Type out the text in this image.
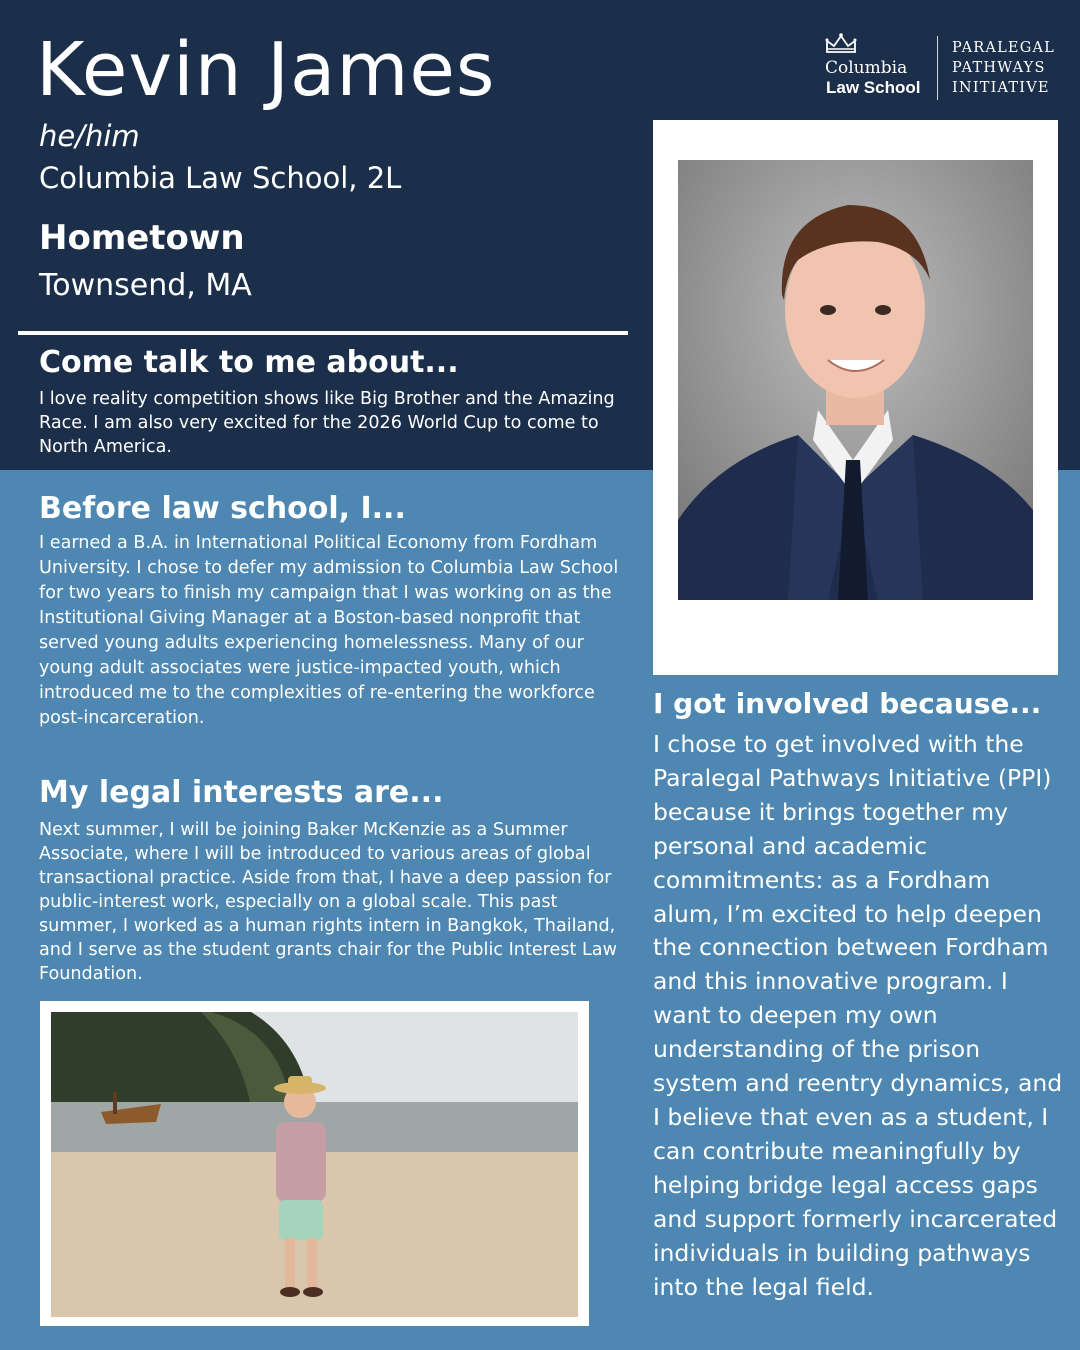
Kevin James
he/him
Columbia Law School, 2L
Hometown
Townsend, MA
Come talk to me about...
I love reality competition shows like Big Brother and the Amazing Race. I am also very excited for the 2026 World Cup to come to North America.
Before law school, I...
I earned a B.A. in International Political Economy from Fordham University. I chose to defer my admission to Columbia Law School for two years to finish my campaign that I was working on as the Institutional Giving Manager at a Boston-based nonprofit that served young adults experiencing homelessness. Many of our young adult associates were justice-impacted youth, which introduced me to the complexities of re-entering the workforce post-incarceration.
My legal interests are...
Next summer, I will be joining Baker McKenzie as a Summer Associate, where I will be introduced to various areas of global transactional practice. Aside from that, I have a deep passion for public-interest work, especially on a global scale. This past summer, I worked as a human rights intern in Bangkok, Thailand, and I serve as the student grants chair for the Public Interest Law Foundation.
Columbia
Law School
PARALEGAL
PATHWAYS
INITIATIVE
I got involved because...
I chose to get involved with the Paralegal Pathways Initiative (PPI) because it brings together my personal and academic commitments: as a Fordham alum, I’m excited to help deepen the connection between Fordham and this innovative program. I want to deepen my own understanding of the prison system and reentry dynamics, and I believe that even as a student, I can contribute meaningfully by helping bridge legal access gaps and support formerly incarcerated individuals in building pathways into the legal field.
